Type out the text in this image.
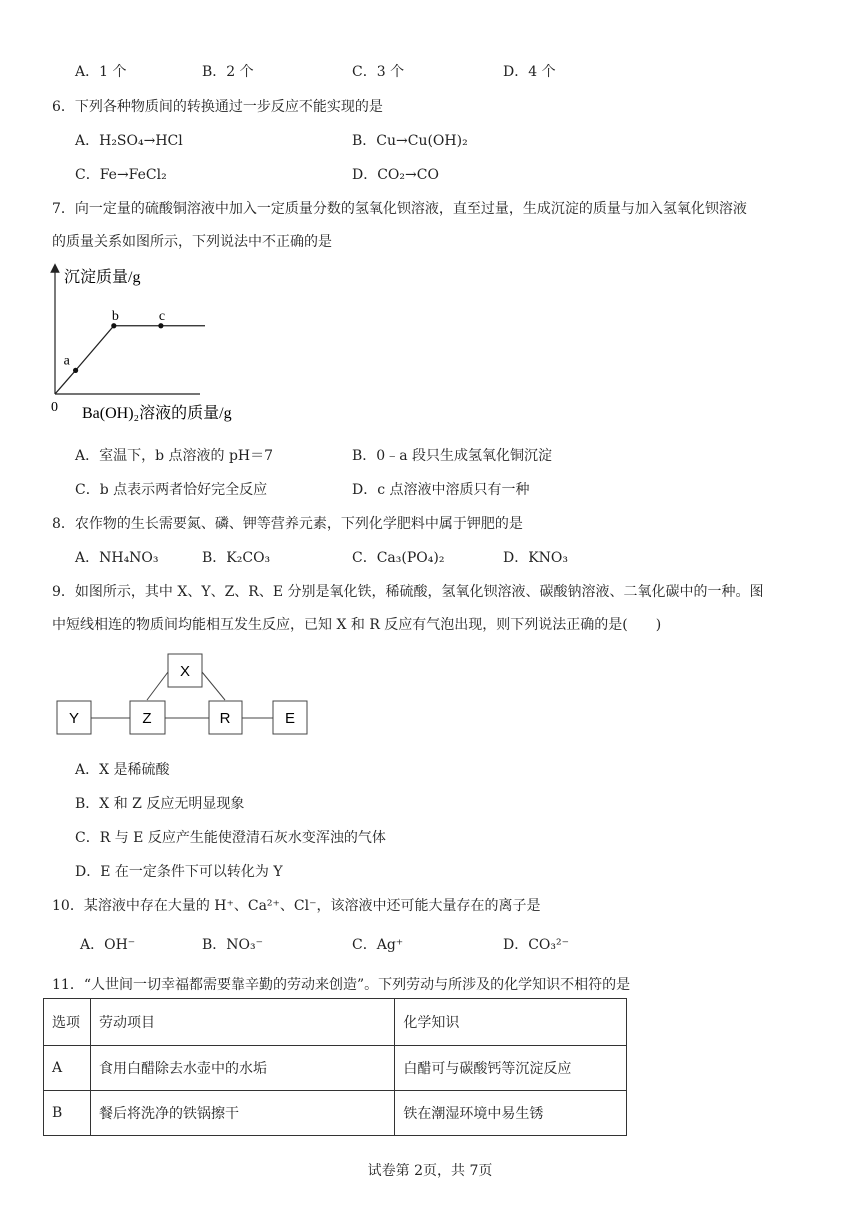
A．1 个	B．2 个	C．3 个	D．4 个
6．下列各种物质间的转换通过一步反应不能实现的是
A．H₂SO₄→HCl	B．Cu→Cu(OH)₂
C．Fe→FeCl₂	D．CO₂→CO
7．向一定量的硫酸铜溶液中加入一定质量分数的氢氧化钡溶液，直至过量，生成沉淀的质量与加入氢氧化钡溶液
的质量关系如图所示，下列说法中不正确的是
沉淀质量/g
Ba(OH)₂溶液的质量/g
0
a
b	c
A．室温下，b 点溶液的 pH＝7	B．0﹣a 段只生成氢氧化铜沉淀
C．b 点表示两者恰好完全反应	D．c 点溶液中溶质只有一种
8．农作物的生长需要氮、磷、钾等营养元素，下列化学肥料中属于钾肥的是
A．NH₄NO₃	B．K₂CO₃	C．Ca₃(PO₄)₂	D．KNO₃
9．如图所示，其中 X、Y、Z、R、E 分别是氧化铁，稀硫酸，氢氧化钡溶液、碳酸钠溶液、二氧化碳中的一种。图
中短线相连的物质间均能相互发生反应，已知 X 和 R 反应有气泡出现，则下列说法正确的是(　　)
X
Y	Z	R	E
A．X 是稀硫酸
B．X 和 Z 反应无明显现象
C．R 与 E 反应产生能使澄清石灰水变浑浊的气体
D．E 在一定条件下可以转化为 Y
10．某溶液中存在大量的 H⁺、Ca²⁺、Cl⁻，该溶液中还可能大量存在的离子是
A．OH⁻	B．NO₃⁻	C．Ag⁺	D．CO₃²⁻
11．“人世间一切幸福都需要靠辛勤的劳动来创造”。下列劳动与所涉及的化学知识不相符的是
选项	劳动项目	化学知识
A	食用白醋除去水壶中的水垢	白醋可与碳酸钙等沉淀反应
B	餐后将洗净的铁锅擦干	铁在潮湿环境中易生锈
试卷第 2页，共 7页
